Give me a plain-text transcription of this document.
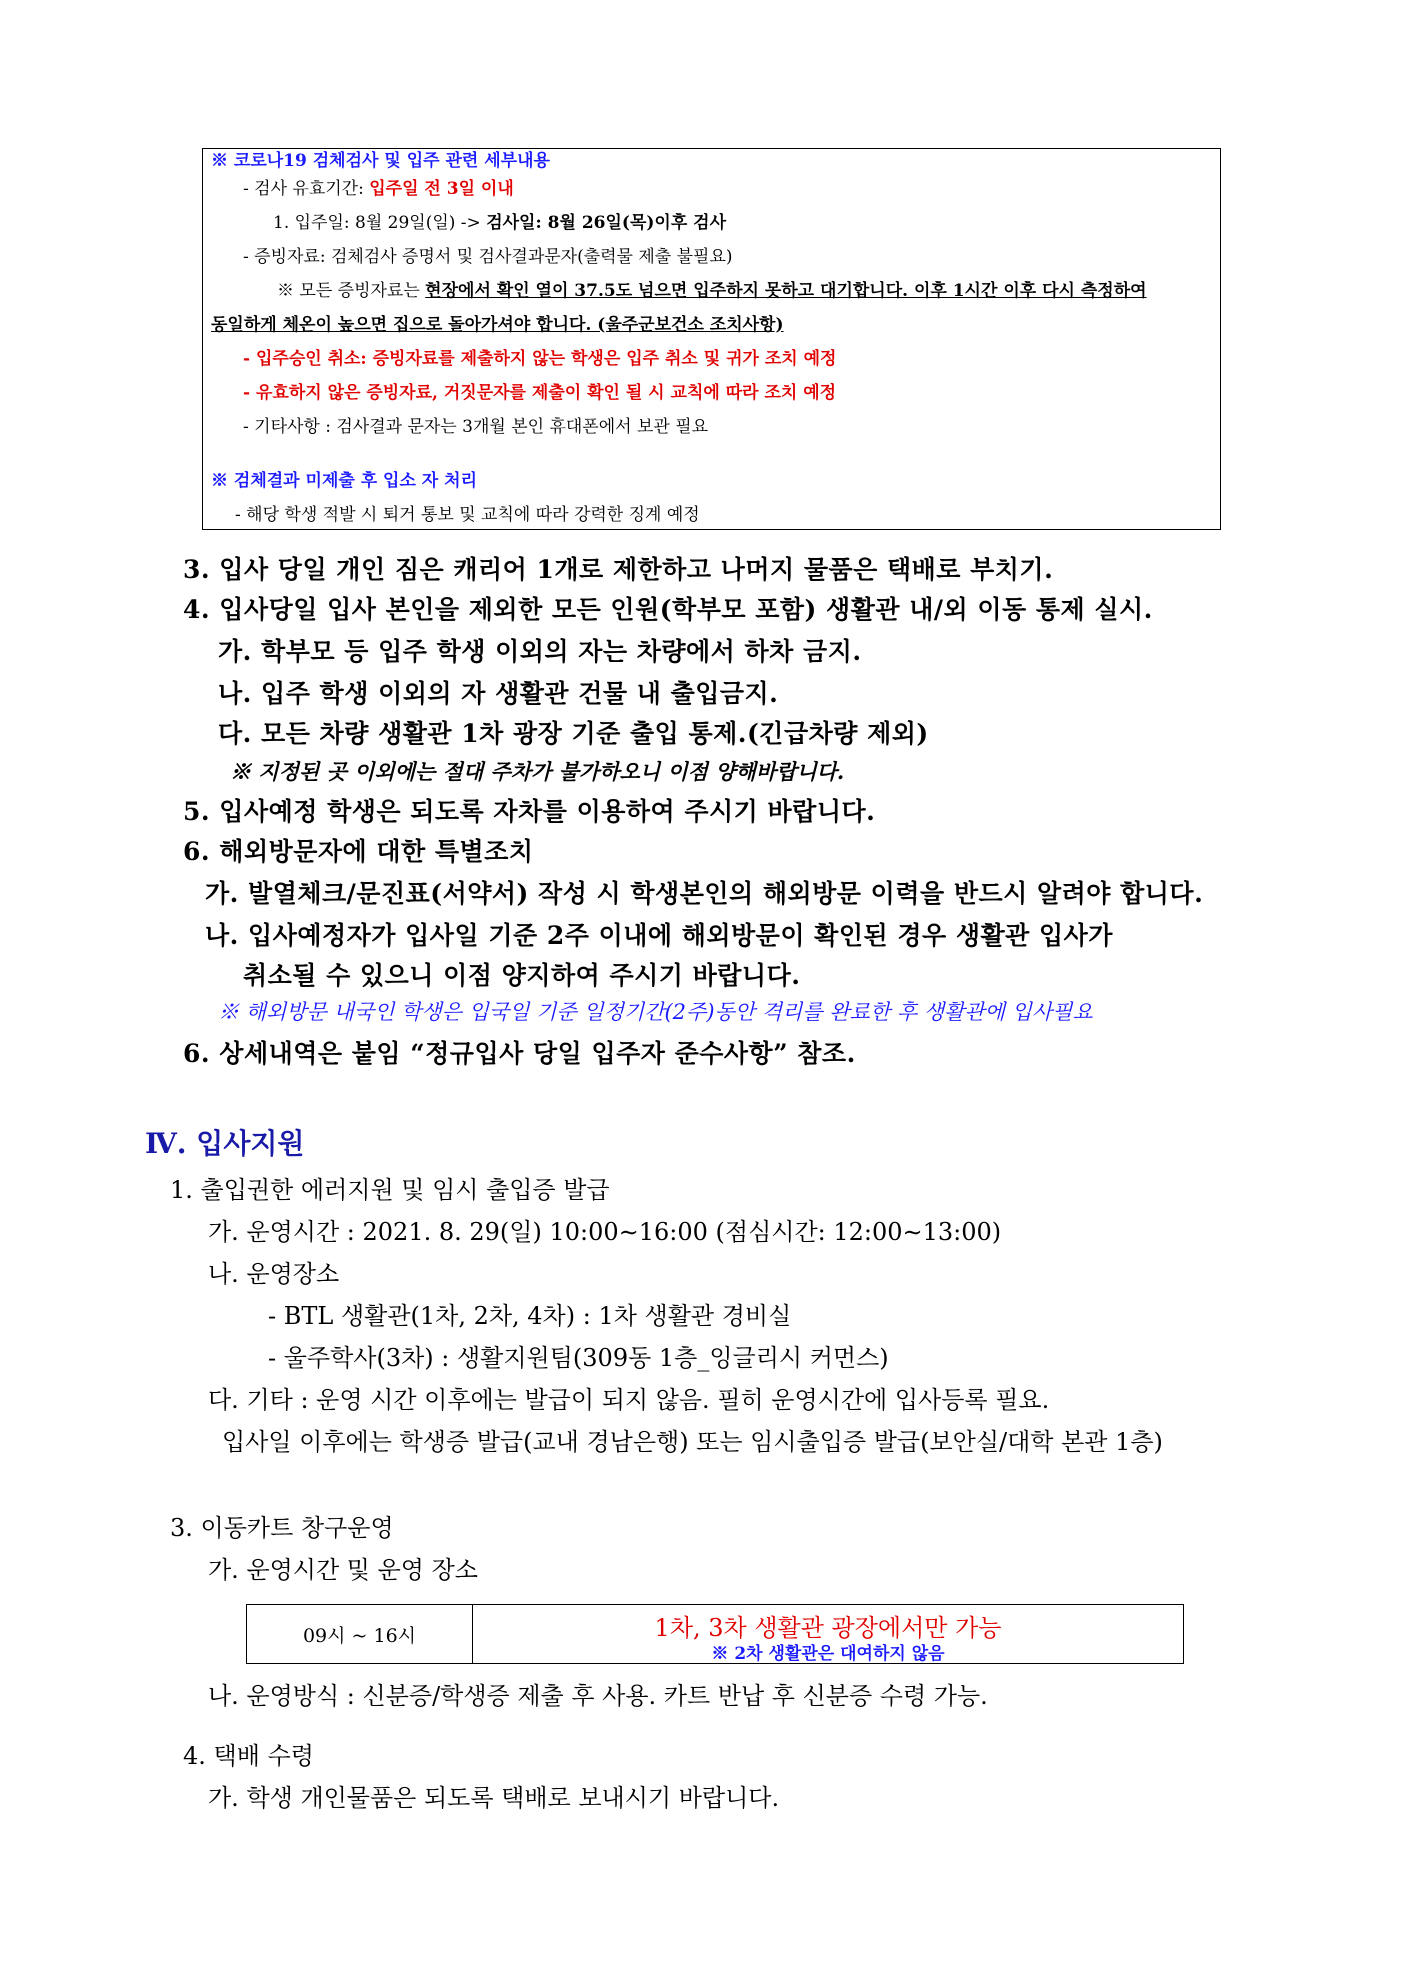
※ 코로나19 검체검사 및 입주 관련 세부내용
- 검사 유효기간: 입주일 전 3일 이내
1. 입주일: 8월 29일(일) -> 검사일: 8월 26일(목)이후 검사
- 증빙자료: 검체검사 증명서 및 검사결과문자(출력물 제출 불필요)
※ 모든 증빙자료는 현장에서 확인 열이 37.5도 넘으면 입주하지 못하고 대기합니다. 이후 1시간 이후 다시 측정하여
동일하게 체온이 높으면 집으로 돌아가셔야 합니다. (울주군보건소 조치사항)
- 입주승인 취소: 증빙자료를 제출하지 않는 학생은 입주 취소 및 귀가 조치 예정
- 유효하지 않은 증빙자료, 거짓문자를 제출이 확인 될 시 교칙에 따라 조치 예정
- 기타사항 : 검사결과 문자는 3개월 본인 휴대폰에서 보관 필요
※ 검체결과 미제출 후 입소 자 처리
- 해당 학생 적발 시 퇴거 통보 및 교칙에 따라 강력한 징계 예정
3. 입사 당일 개인 짐은 캐리어 1개로 제한하고 나머지 물품은 택배로 부치기.
4. 입사당일 입사 본인을 제외한 모든 인원(학부모 포함) 생활관 내/외 이동 통제 실시.
가. 학부모 등 입주 학생 이외의 자는 차량에서 하차 금지.
나. 입주 학생 이외의 자 생활관 건물 내 출입금지.
다. 모든 차량 생활관 1차 광장 기준 출입 통제.(긴급차량 제외)
※ 지정된 곳 이외에는 절대 주차가 불가하오니 이점 양해바랍니다.
5. 입사예정 학생은 되도록 자차를 이용하여 주시기 바랍니다.
6. 해외방문자에 대한 특별조치
가. 발열체크/문진표(서약서) 작성 시 학생본인의 해외방문 이력을 반드시 알려야 합니다.
나. 입사예정자가 입사일 기준 2주 이내에 해외방문이 확인된 경우 생활관 입사가
취소될 수 있으니 이점 양지하여 주시기 바랍니다.
※ 해외방문 내국인 학생은 입국일 기준 일정기간(2주)동안 격리를 완료한 후 생활관에 입사필요
6. 상세내역은 붙임 “정규입사 당일 입주자 준수사항” 참조.
Ⅳ. 입사지원
1. 출입권한 에러지원 및 임시 출입증 발급
가. 운영시간 : 2021. 8. 29(일) 10:00∼16:00 (점심시간: 12:00∼13:00)
나. 운영장소
- BTL 생활관(1차, 2차, 4차) : 1차 생활관 경비실
- 울주학사(3차) : 생활지원팀(309동 1층_잉글리시 커먼스)
다. 기타 : 운영 시간 이후에는 발급이 되지 않음. 필히 운영시간에 입사등록 필요.
입사일 이후에는 학생증 발급(교내 경남은행) 또는 임시출입증 발급(보안실/대학 본관 1층)
3. 이동카트 창구운영
가. 운영시간 및 운영 장소
09시 ~ 16시	1차, 3차 생활관 광장에서만 가능
※ 2차 생활관은 대여하지 않음
나. 운영방식 : 신분증/학생증 제출 후 사용. 카트 반납 후 신분증 수령 가능.
4. 택배 수령
가. 학생 개인물품은 되도록 택배로 보내시기 바랍니다.
